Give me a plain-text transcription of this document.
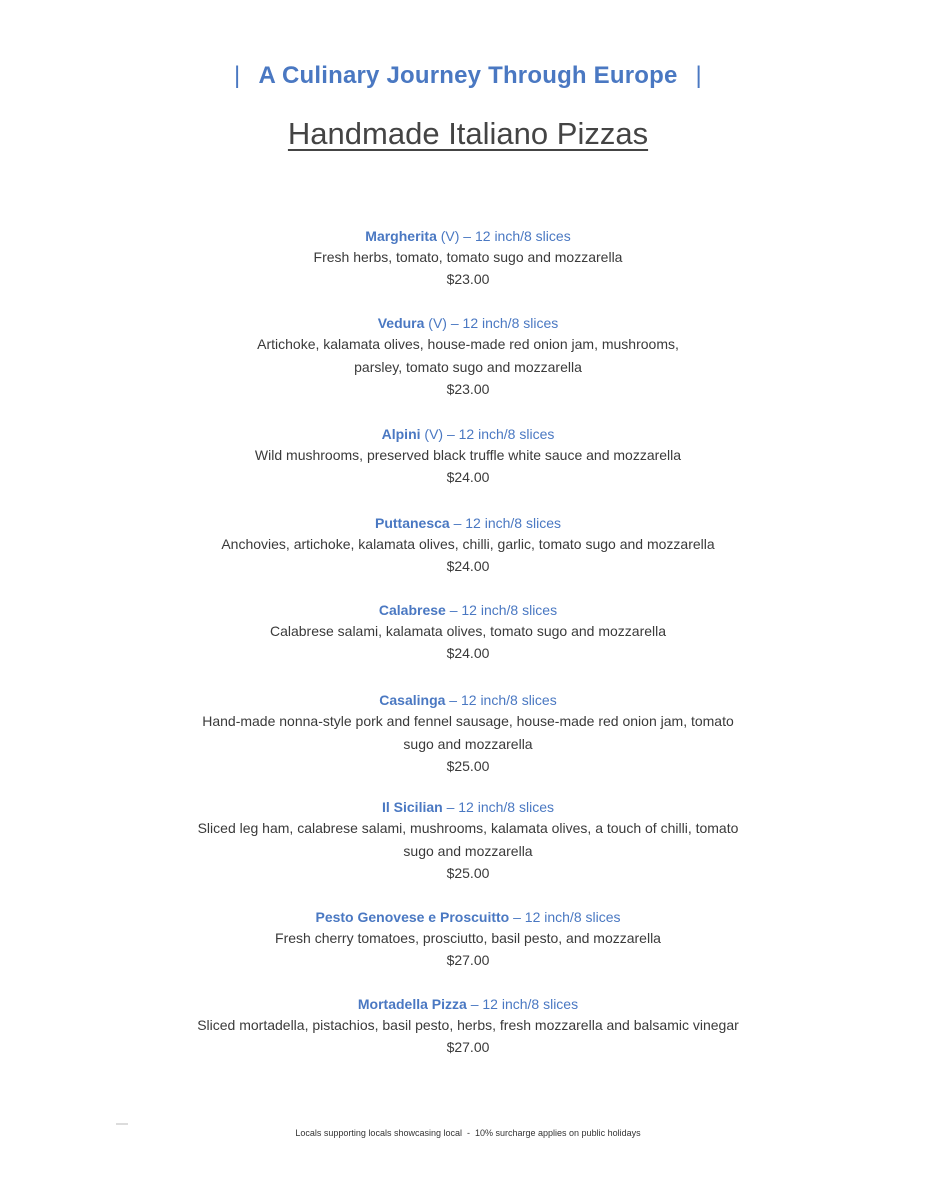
| A Culinary Journey Through Europe |
Handmade Italiano Pizzas
Margherita (V) – 12 inch/8 slices
Fresh herbs, tomato, tomato sugo and mozzarella
$23.00
Vedura (V) – 12 inch/8 slices
Artichoke, kalamata olives, house-made red onion jam, mushrooms, parsley, tomato sugo and mozzarella
$23.00
Alpini (V) – 12 inch/8 slices
Wild mushrooms, preserved black truffle white sauce and mozzarella
$24.00
Puttanesca – 12 inch/8 slices
Anchovies, artichoke, kalamata olives, chilli, garlic, tomato sugo and mozzarella
$24.00
Calabrese – 12 inch/8 slices
Calabrese salami, kalamata olives, tomato sugo and mozzarella
$24.00
Casalinga – 12 inch/8 slices
Hand-made nonna-style pork and fennel sausage, house-made red onion jam, tomato sugo and mozzarella
$25.00
Il Sicilian – 12 inch/8 slices
Sliced leg ham, calabrese salami, mushrooms, kalamata olives, a touch of chilli, tomato sugo and mozzarella
$25.00
Pesto Genovese e Proscuitto – 12 inch/8 slices
Fresh cherry tomatoes, prosciutto, basil pesto, and mozzarella
$27.00
Mortadella Pizza – 12 inch/8 slices
Sliced mortadella, pistachios, basil pesto, herbs, fresh mozzarella and balsamic vinegar
$27.00
Locals supporting locals showcasing local - 10% surcharge applies on public holidays
